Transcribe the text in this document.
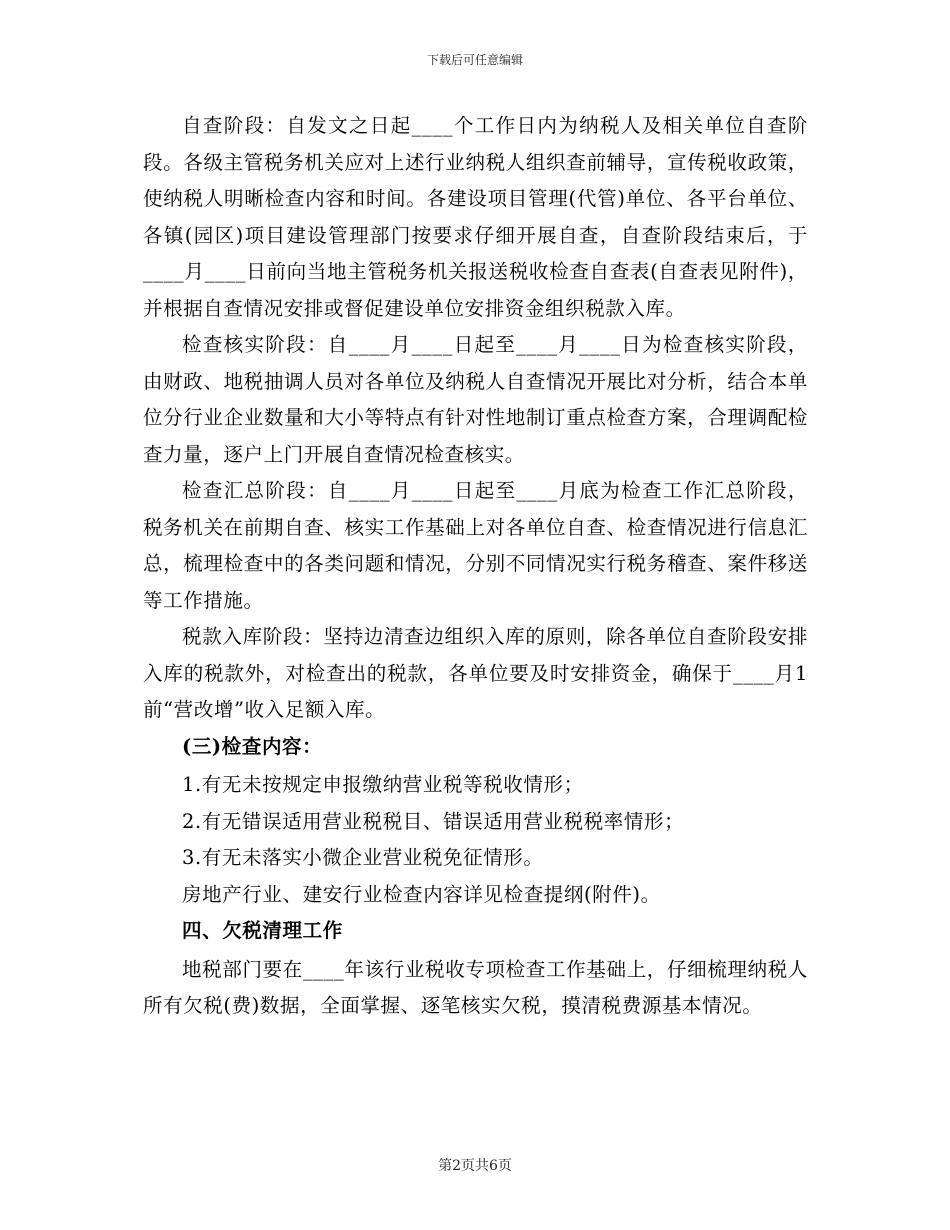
下载后可任意编辑

自查阶段：自发文之日起____个工作日内为纳税人及相关单位自查阶段。各级主管税务机关应对上述行业纳税人组织查前辅导，宣传税收政策，使纳税人明晰检查内容和时间。各建设项目管理(代管)单位、各平台单位、各镇(园区)项目建设管理部门按要求仔细开展自查，自查阶段结束后，于____月____日前向当地主管税务机关报送税收检查自查表(自查表见附件)，并根据自查情况安排或督促建设单位安排资金组织税款入库。

检查核实阶段：自____月____日起至____月____日为检查核实阶段，由财政、地税抽调人员对各单位及纳税人自查情况开展比对分析，结合本单位分行业企业数量和大小等特点有针对性地制订重点检查方案，合理调配检查力量，逐户上门开展自查情况检查核实。

检查汇总阶段：自____月____日起至____月底为检查工作汇总阶段，税务机关在前期自查、核实工作基础上对各单位自查、检查情况进行信息汇总，梳理检查中的各类问题和情况，分别不同情况实行税务稽查、案件移送等工作措施。

税款入库阶段：坚持边清查边组织入库的原则，除各单位自查阶段安排入库的税款外，对检查出的税款，各单位要及时安排资金，确保于____月1前“营改增”收入足额入库。

(三)检查内容：

1.有无未按规定申报缴纳营业税等税收情形；

2.有无错误适用营业税税目、错误适用营业税税率情形；

3.有无未落实小微企业营业税免征情形。

房地产行业、建安行业检查内容详见检查提纲(附件)。

四、欠税清理工作

地税部门要在____年该行业税收专项检查工作基础上，仔细梳理纳税人所有欠税(费)数据，全面掌握、逐笔核实欠税，摸清税费源基本情况。

第2页共6页
